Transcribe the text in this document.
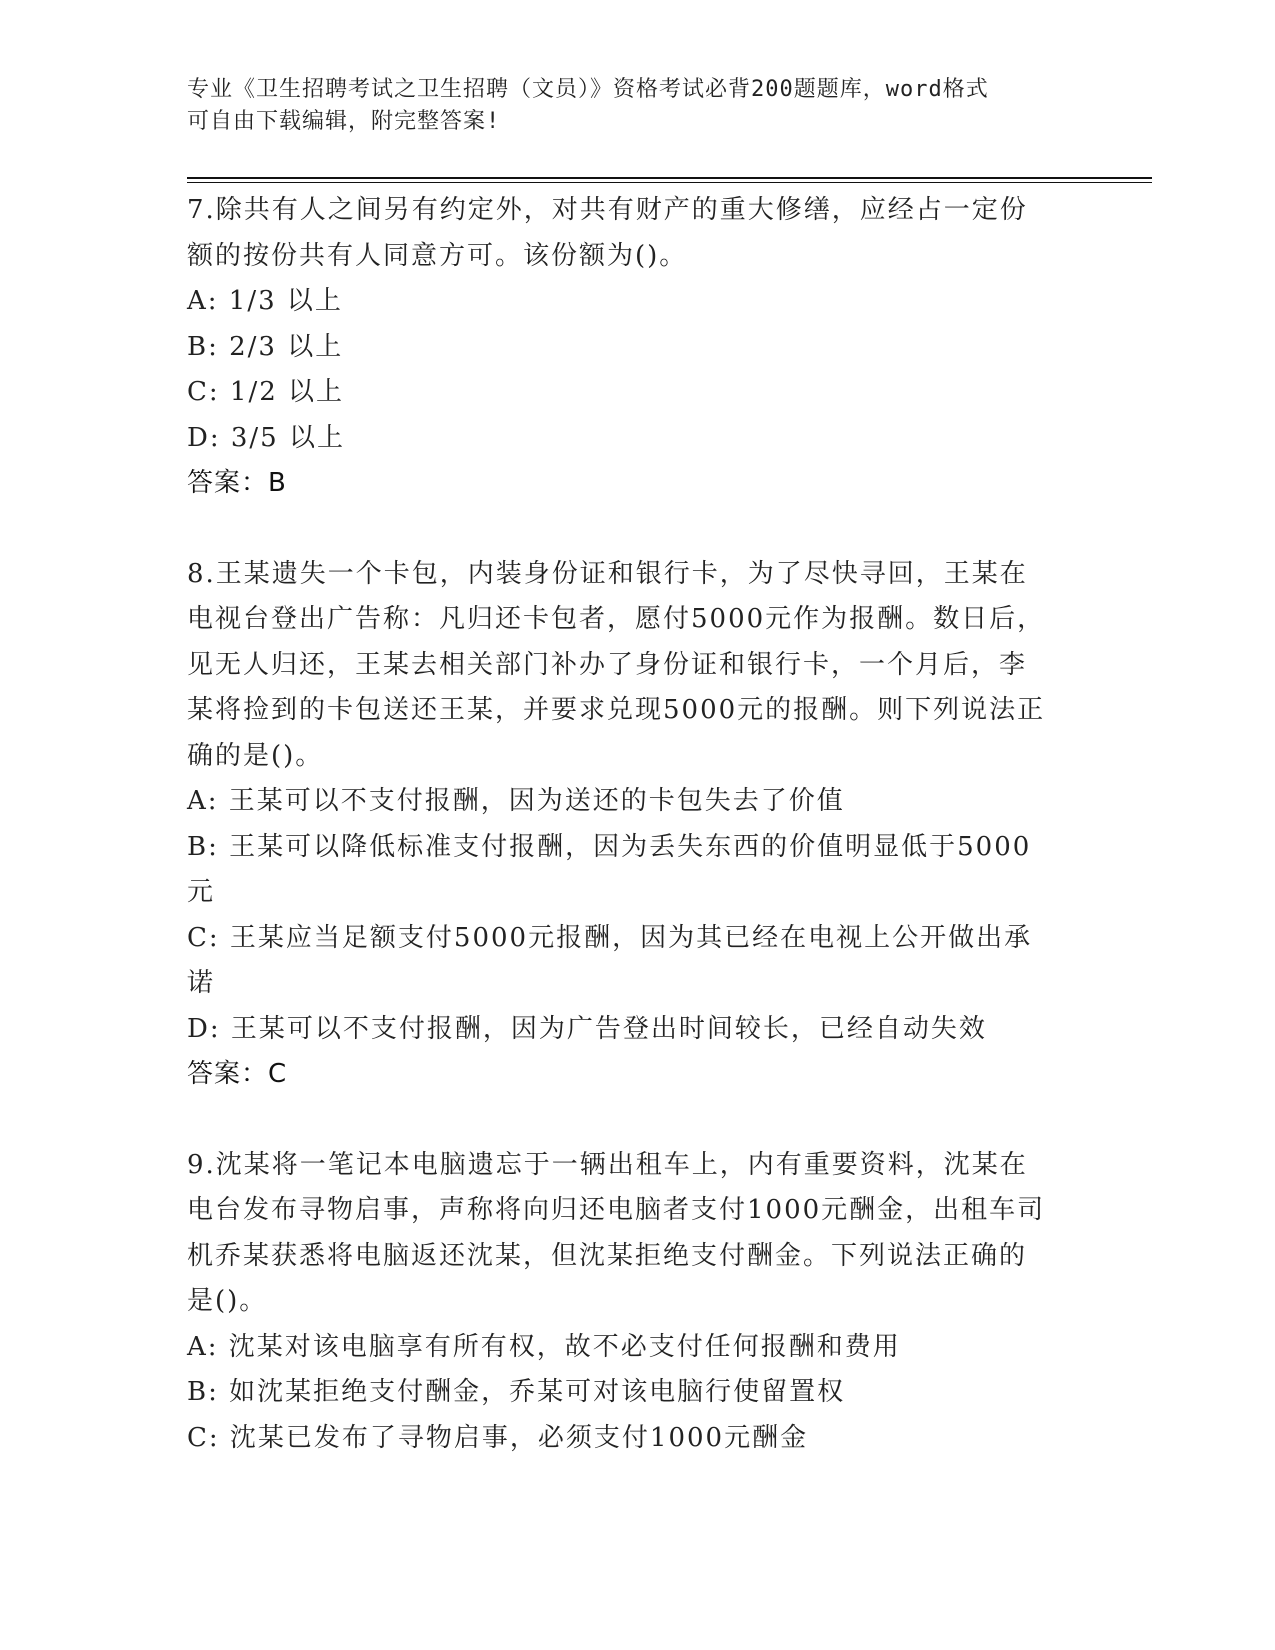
专业《卫生招聘考试之卫生招聘（文员）》资格考试必背200题题库，word格式
可自由下载编辑，附完整答案!
7.除共有人之间另有约定外，对共有财产的重大修缮，应经占一定份
额的按份共有人同意方可。该份额为()。
A: 1/3 以上
B: 2/3 以上
C: 1/2 以上
D: 3/5 以上
答案：B
8.王某遗失一个卡包，内装身份证和银行卡，为了尽快寻回，王某在
电视台登出广告称：凡归还卡包者，愿付5000元作为报酬。数日后，
见无人归还，王某去相关部门补办了身份证和银行卡，一个月后，李
某将捡到的卡包送还王某，并要求兑现5000元的报酬。则下列说法正
确的是()。
A: 王某可以不支付报酬，因为送还的卡包失去了价值
B: 王某可以降低标准支付报酬，因为丢失东西的价值明显低于5000
元
C: 王某应当足额支付5000元报酬，因为其已经在电视上公开做出承
诺
D: 王某可以不支付报酬，因为广告登出时间较长，已经自动失效
答案：C
9.沈某将一笔记本电脑遗忘于一辆出租车上，内有重要资料，沈某在
电台发布寻物启事，声称将向归还电脑者支付1000元酬金，出租车司
机乔某获悉将电脑返还沈某，但沈某拒绝支付酬金。下列说法正确的
是()。
A: 沈某对该电脑享有所有权，故不必支付任何报酬和费用
B: 如沈某拒绝支付酬金，乔某可对该电脑行使留置权
C: 沈某已发布了寻物启事，必须支付1000元酬金
